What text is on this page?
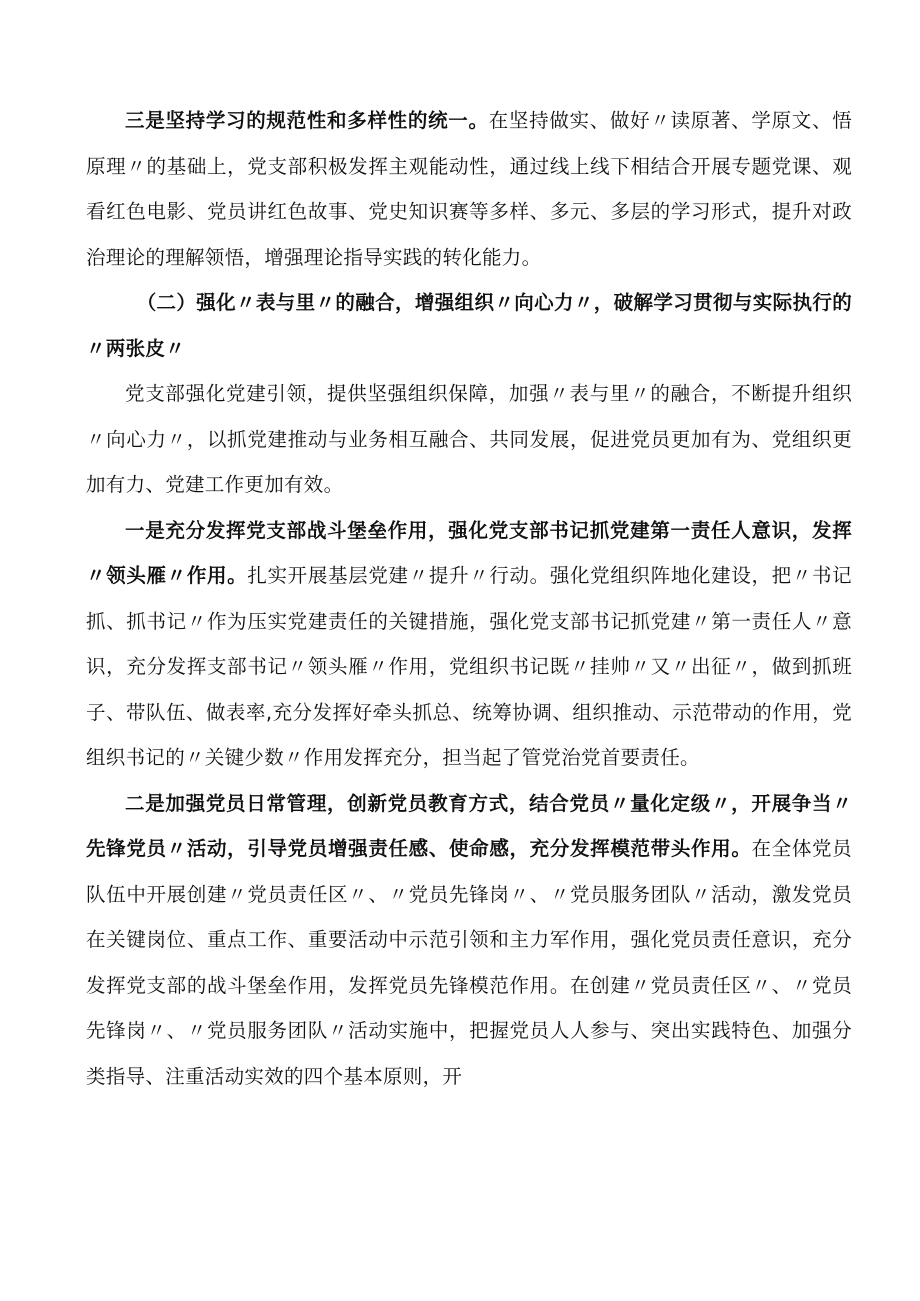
三是坚持学习的规范性和多样性的统一。在坚持做实、做好〃读原著、学原文、悟原理〃的基础上，党支部积极发挥主观能动性，通过线上线下相结合开展专题党课、观看红色电影、党员讲红色故事、党史知识赛等多样、多元、多层的学习形式，提升对政治理论的理解领悟，增强理论指导实践的转化能力。

（二）强化〃表与里〃的融合，增强组织〃向心力〃，破解学习贯彻与实际执行的〃两张皮〃

党支部强化党建引领，提供坚强组织保障，加强〃表与里〃的融合，不断提升组织〃向心力〃，以抓党建推动与业务相互融合、共同发展，促进党员更加有为、党组织更加有力、党建工作更加有效。

一是充分发挥党支部战斗堡垒作用，强化党支部书记抓党建第一责任人意识，发挥〃领头雁〃作用。扎实开展基层党建〃提升〃行动。强化党组织阵地化建设，把〃书记抓、抓书记〃作为压实党建责任的关键措施，强化党支部书记抓党建〃第一责任人〃意识，充分发挥支部书记〃领头雁〃作用，党组织书记既〃挂帅〃又〃出征〃，做到抓班子、带队伍、做表率,充分发挥好牵头抓总、统筹协调、组织推动、示范带动的作用，党组织书记的〃关键少数〃作用发挥充分，担当起了管党治党首要责任。

二是加强党员日常管理，创新党员教育方式，结合党员〃量化定级〃，开展争当〃先锋党员〃活动，引导党员增强责任感、使命感，充分发挥模范带头作用。在全体党员队伍中开展创建〃党员责任区〃、〃党员先锋岗〃、〃党员服务团队〃活动，激发党员在关键岗位、重点工作、重要活动中示范引领和主力军作用，强化党员责任意识，充分发挥党支部的战斗堡垒作用，发挥党员先锋模范作用。在创建〃党员责任区〃、〃党员先锋岗〃、〃党员服务团队〃活动实施中，把握党员人人参与、突出实践特色、加强分类指导、注重活动实效的四个基本原则，开
